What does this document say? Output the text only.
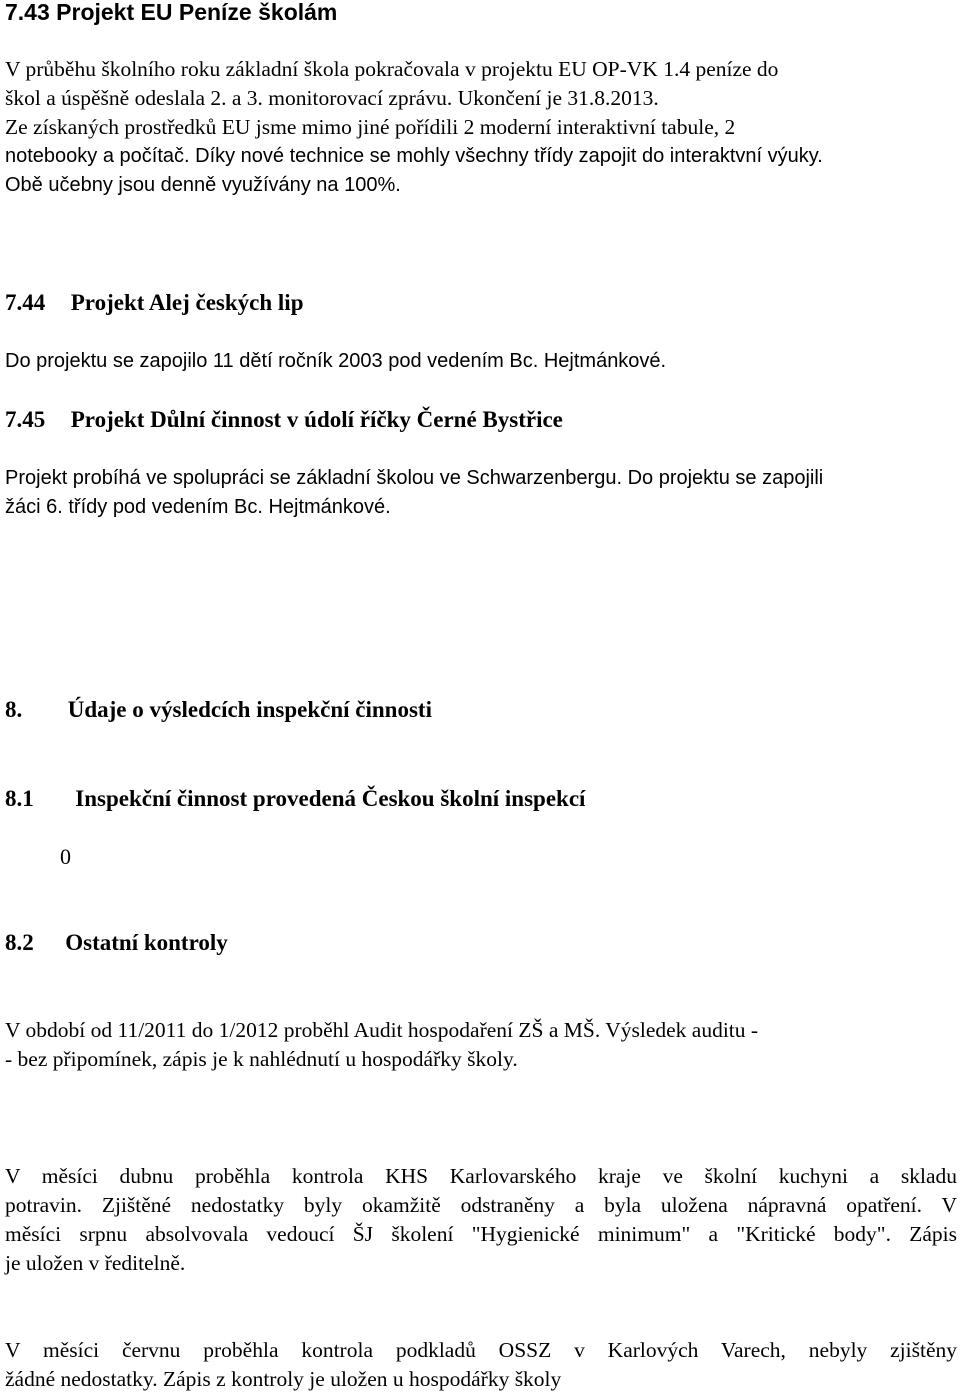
7.43 Projekt EU Peníze školám
V průběhu školního roku základní škola pokračovala v projektu EU OP-VK 1.4 peníze do
škol a úspěšně odeslala 2. a 3. monitorovací zprávu. Ukončení je 31.8.2013.
Ze získaných prostředků EU jsme mimo jiné pořídili 2 moderní interaktivní tabule, 2
notebooky a počítač. Díky nové technice se mohly všechny třídy zapojit do interaktvní výuky.
Obě učebny jsou denně využívány na 100%.
7.44 Projekt Alej českých lip
Do projektu se zapojilo 11 dětí ročník 2003 pod vedením Bc. Hejtmánkové.
7.45 Projekt Důlní činnost v údolí říčky Černé Bystřice
Projekt probíhá ve spolupráci se základní školou ve Schwarzenbergu. Do projektu se zapojili
žáci 6. třídy pod vedením Bc. Hejtmánkové.
8. Údaje o výsledcích inspekční činnosti
8.1 Inspekční činnost provedená Českou školní inspekcí
0
8.2 Ostatní kontroly
V období od 11/2011 do 1/2012 proběhl Audit hospodaření ZŠ a MŠ. Výsledek auditu -
- bez připomínek, zápis je k nahlédnutí u hospodářky školy.
V měsíci dubnu proběhla kontrola KHS Karlovarského kraje ve školní kuchyni a skladu
potravin. Zjištěné nedostatky byly okamžitě odstraněny a byla uložena nápravná opatření. V
měsíci srpnu absolvovala vedoucí ŠJ školení "Hygienické minimum" a "Kritické body". Zápis
je uložen v ředitelně.
V měsíci červnu proběhla kontrola podkladů OSSZ v Karlových Varech, nebyly zjištěny
žádné nedostatky. Zápis z kontroly je uložen u hospodářky školy
